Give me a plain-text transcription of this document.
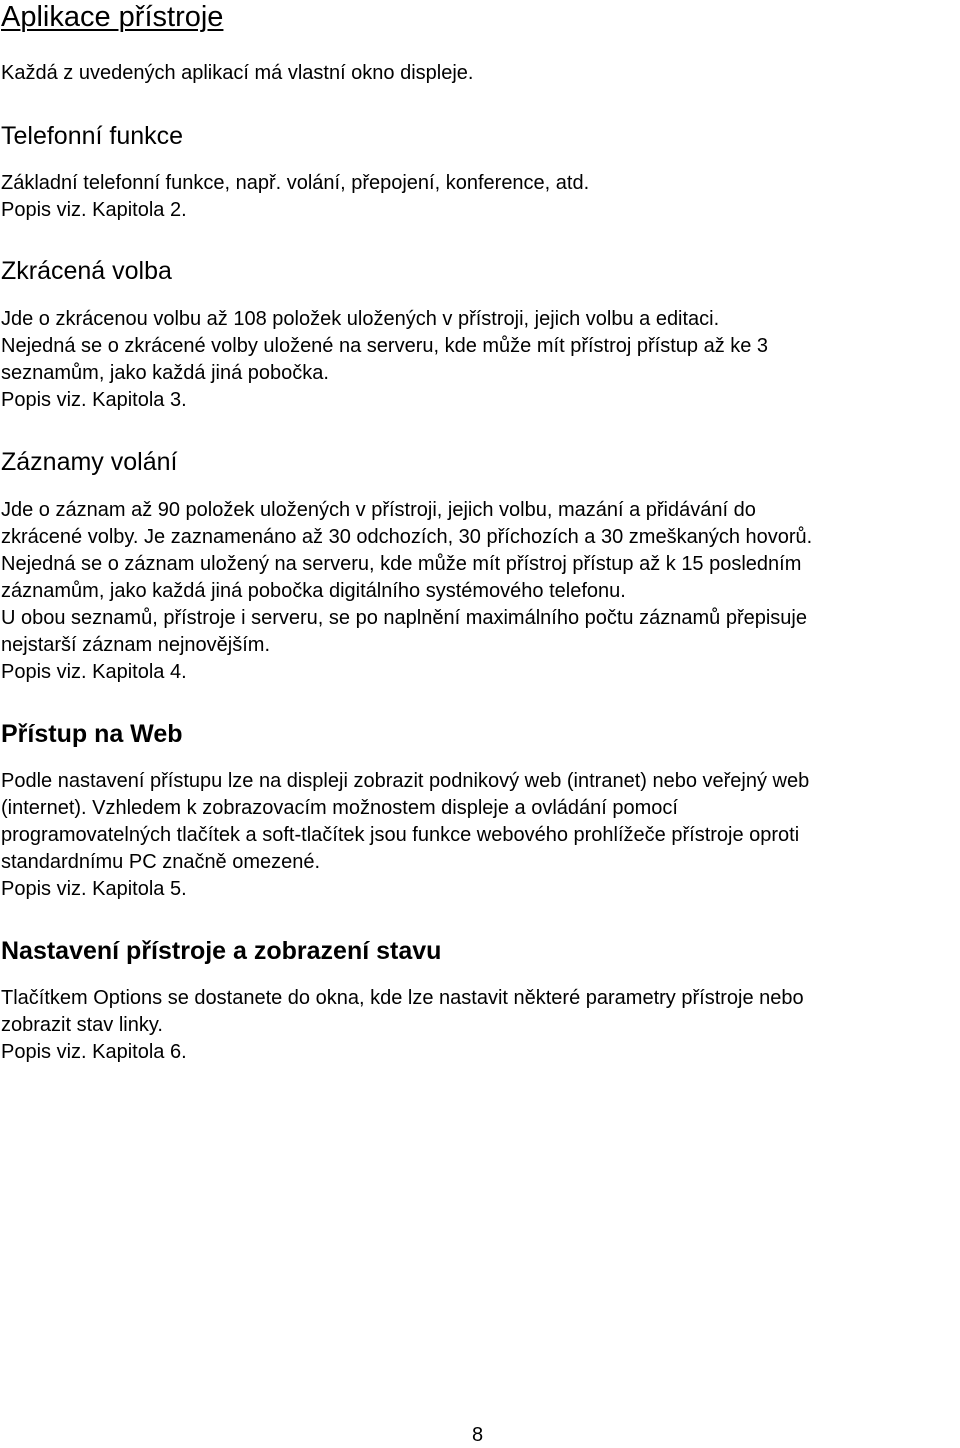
Aplikace přístroje

Každá z uvedených aplikací má vlastní okno displeje.

Telefonní funkce

Základní telefonní funkce, např. volání, přepojení, konference, atd.

Popis viz. Kapitola 2.

Zkrácená volba

Jde o zkrácenou volbu až 108 položek uložených v přístroji, jejich volbu a editaci.

Nejedná se o zkrácené volby uložené na serveru, kde může mít přístroj přístup až ke 3

seznamům, jako každá jiná pobočka.

Popis viz. Kapitola 3.

Záznamy volání

Jde o záznam až 90 položek uložených v přístroji, jejich volbu, mazání a přidávání do

zkrácené volby. Je zaznamenáno až 30 odchozích, 30 příchozích a 30 zmeškaných hovorů.

Nejedná se o záznam uložený na serveru, kde může mít přístroj přístup až k 15 posledním

záznamům, jako každá jiná pobočka digitálního systémového telefonu.

U obou seznamů, přístroje i serveru, se po naplnění maximálního počtu záznamů přepisuje

nejstarší záznam nejnovějším.

Popis viz. Kapitola 4.

Přístup na Web

Podle nastavení přístupu lze na displeji zobrazit podnikový web (intranet) nebo veřejný web

(internet). Vzhledem k zobrazovacím možnostem displeje a ovládání pomocí

programovatelných tlačítek a soft-tlačítek jsou funkce webového prohlížeče přístroje oproti

standardnímu PC značně omezené.

Popis viz. Kapitola 5.

Nastavení přístroje a zobrazení stavu

Tlačítkem Options se dostanete do okna, kde lze nastavit některé parametry přístroje nebo

zobrazit stav linky.

Popis viz. Kapitola 6.

8
